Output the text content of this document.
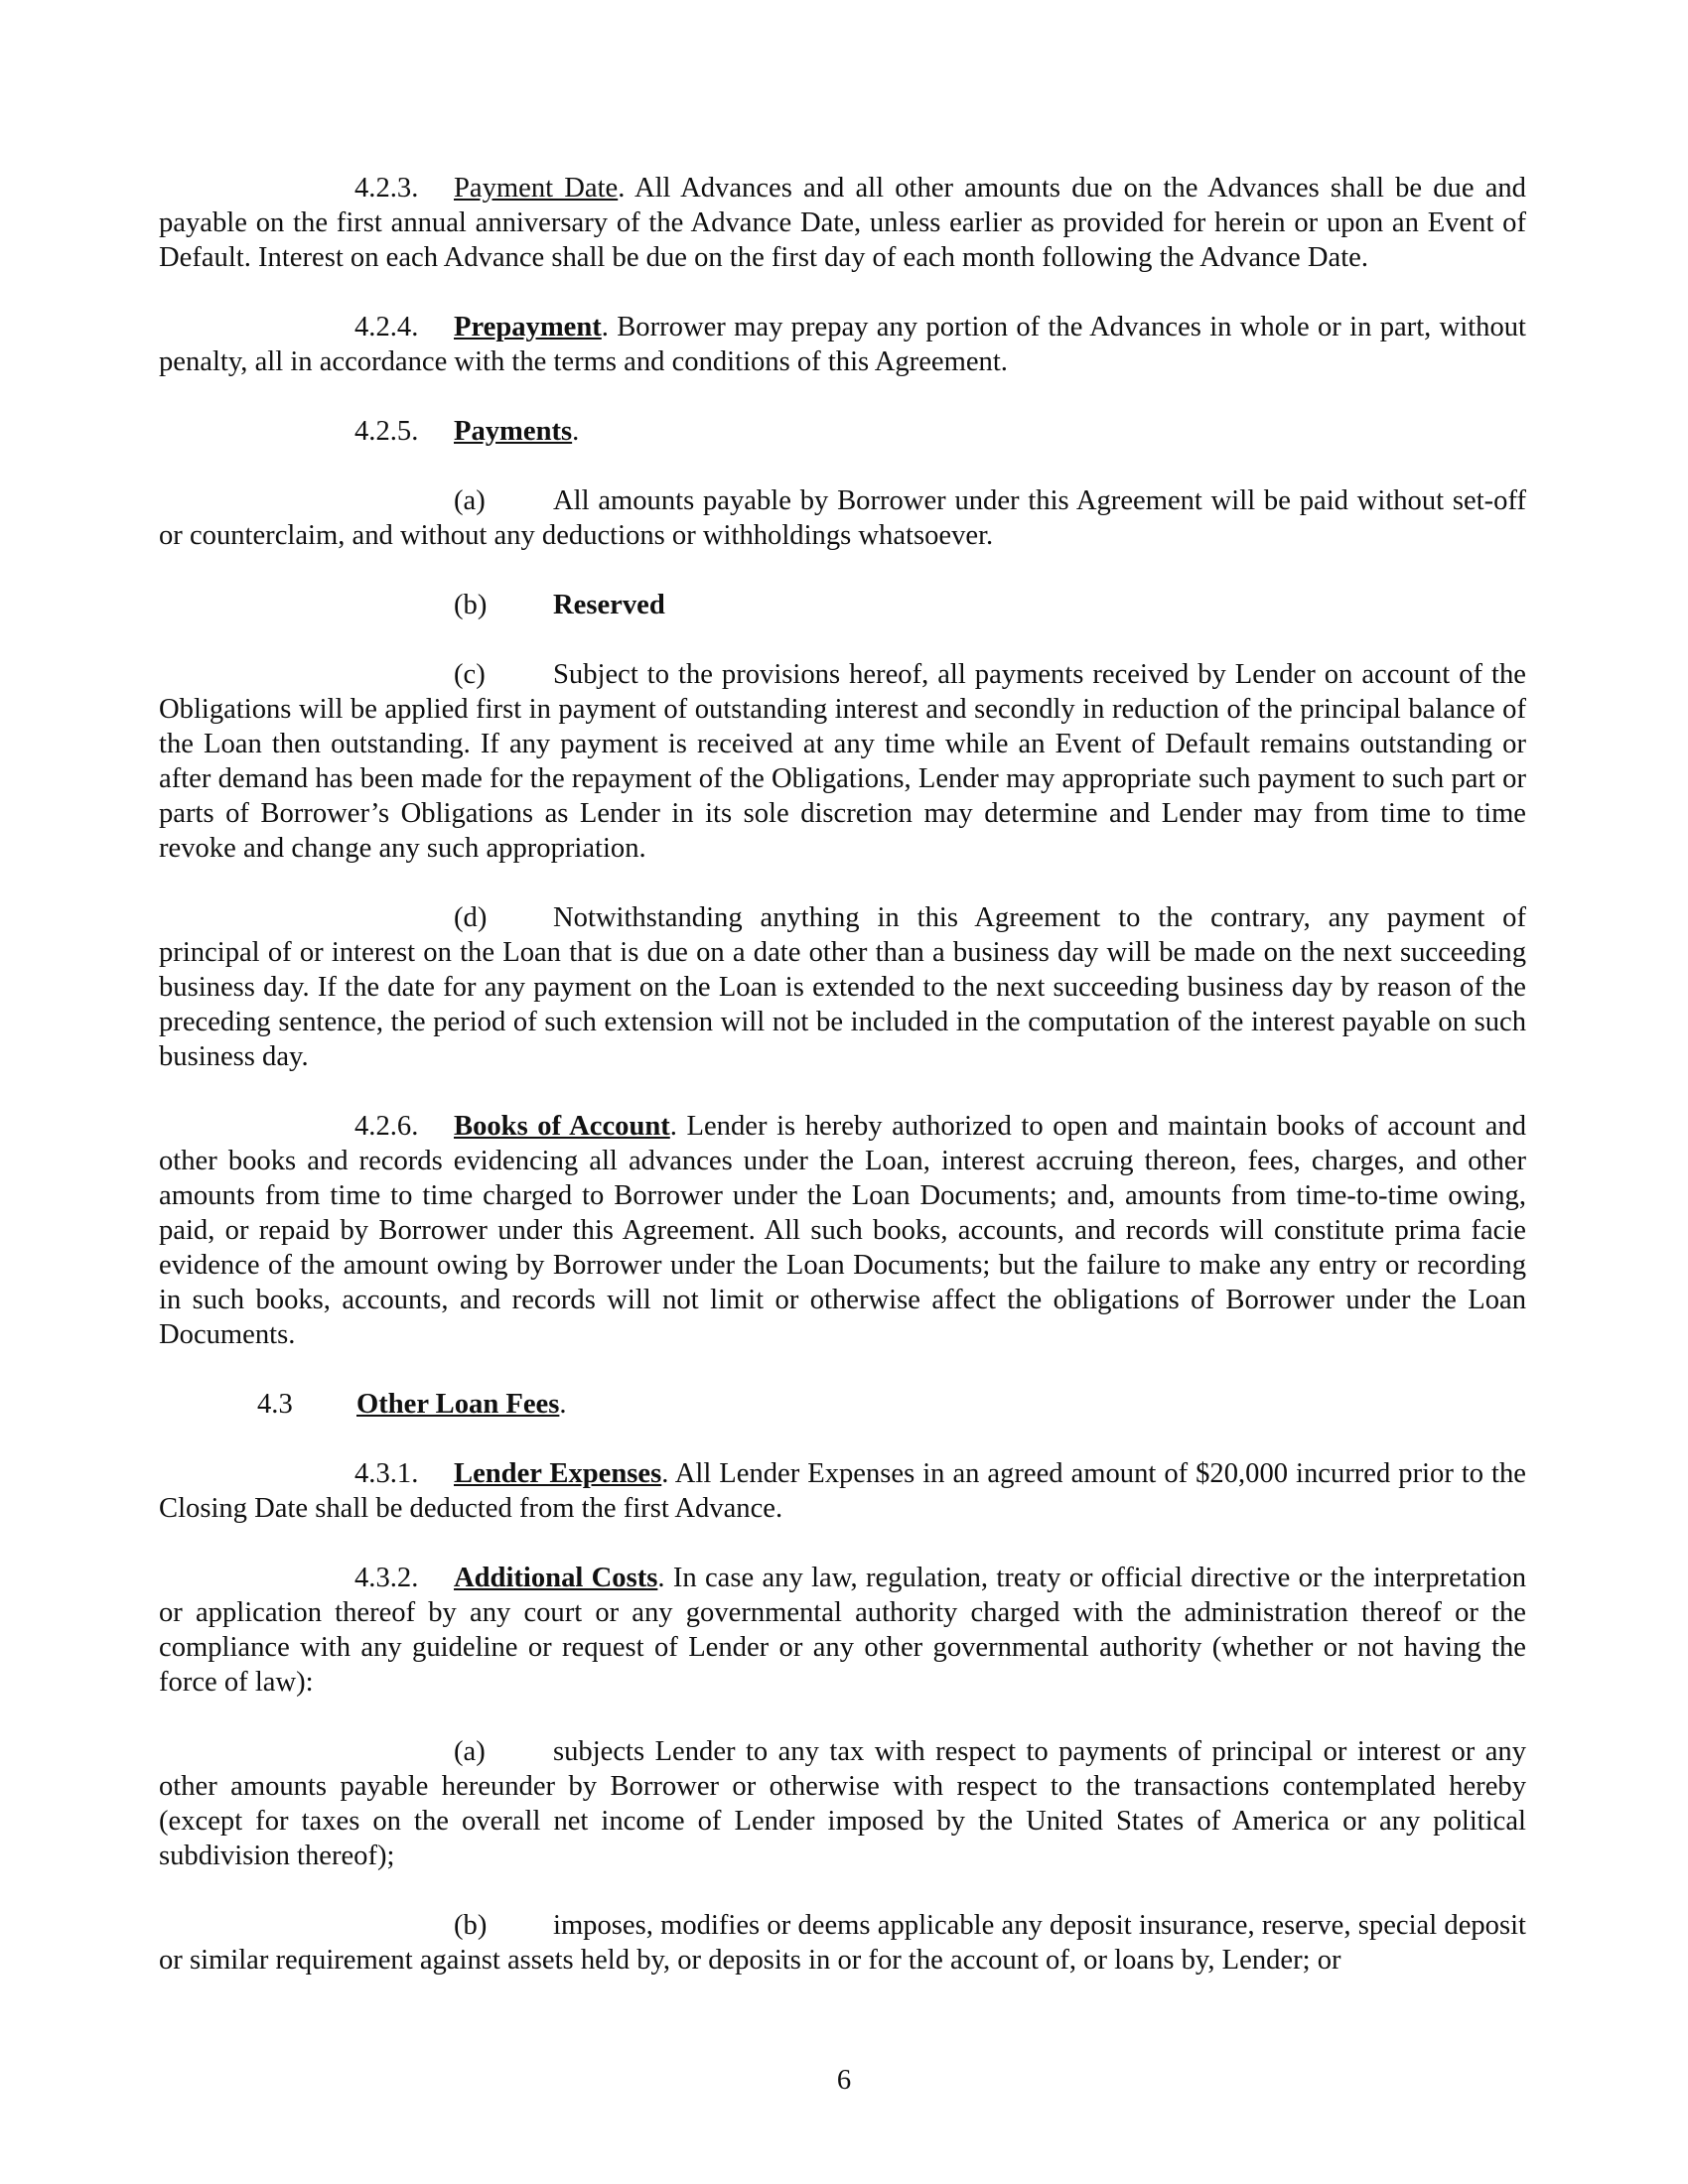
4.2.3. Payment Date. All Advances and all other amounts due on the Advances shall be due and payable on the first annual anniversary of the Advance Date, unless earlier as provided for herein or upon an Event of Default. Interest on each Advance shall be due on the first day of each month following the Advance Date.

4.2.4. Prepayment. Borrower may prepay any portion of the Advances in whole or in part, without penalty, all in accordance with the terms and conditions of this Agreement.

4.2.5. Payments.

(a) All amounts payable by Borrower under this Agreement will be paid without set-off or counterclaim, and without any deductions or withholdings whatsoever.

(b) Reserved

(c) Subject to the provisions hereof, all payments received by Lender on account of the Obligations will be applied first in payment of outstanding interest and secondly in reduction of the principal balance of the Loan then outstanding. If any payment is received at any time while an Event of Default remains outstanding or after demand has been made for the repayment of the Obligations, Lender may appropriate such payment to such part or parts of Borrower’s Obligations as Lender in its sole discretion may determine and Lender may from time to time revoke and change any such appropriation.

(d) Notwithstanding anything in this Agreement to the contrary, any payment of principal of or interest on the Loan that is due on a date other than a business day will be made on the next succeeding business day. If the date for any payment on the Loan is extended to the next succeeding business day by reason of the preceding sentence, the period of such extension will not be included in the computation of the interest payable on such business day.

4.2.6. Books of Account. Lender is hereby authorized to open and maintain books of account and other books and records evidencing all advances under the Loan, interest accruing thereon, fees, charges, and other amounts from time to time charged to Borrower under the Loan Documents; and, amounts from time-to-time owing, paid, or repaid by Borrower under this Agreement. All such books, accounts, and records will constitute prima facie evidence of the amount owing by Borrower under the Loan Documents; but the failure to make any entry or recording in such books, accounts, and records will not limit or otherwise affect the obligations of Borrower under the Loan Documents.

4.3 Other Loan Fees.

4.3.1. Lender Expenses. All Lender Expenses in an agreed amount of $20,000 incurred prior to the Closing Date shall be deducted from the first Advance.

4.3.2. Additional Costs. In case any law, regulation, treaty or official directive or the interpretation or application thereof by any court or any governmental authority charged with the administration thereof or the compliance with any guideline or request of Lender or any other governmental authority (whether or not having the force of law):

(a) subjects Lender to any tax with respect to payments of principal or interest or any other amounts payable hereunder by Borrower or otherwise with respect to the transactions contemplated hereby (except for taxes on the overall net income of Lender imposed by the United States of America or any political subdivision thereof);

(b) imposes, modifies or deems applicable any deposit insurance, reserve, special deposit or similar requirement against assets held by, or deposits in or for the account of, or loans by, Lender; or

6
